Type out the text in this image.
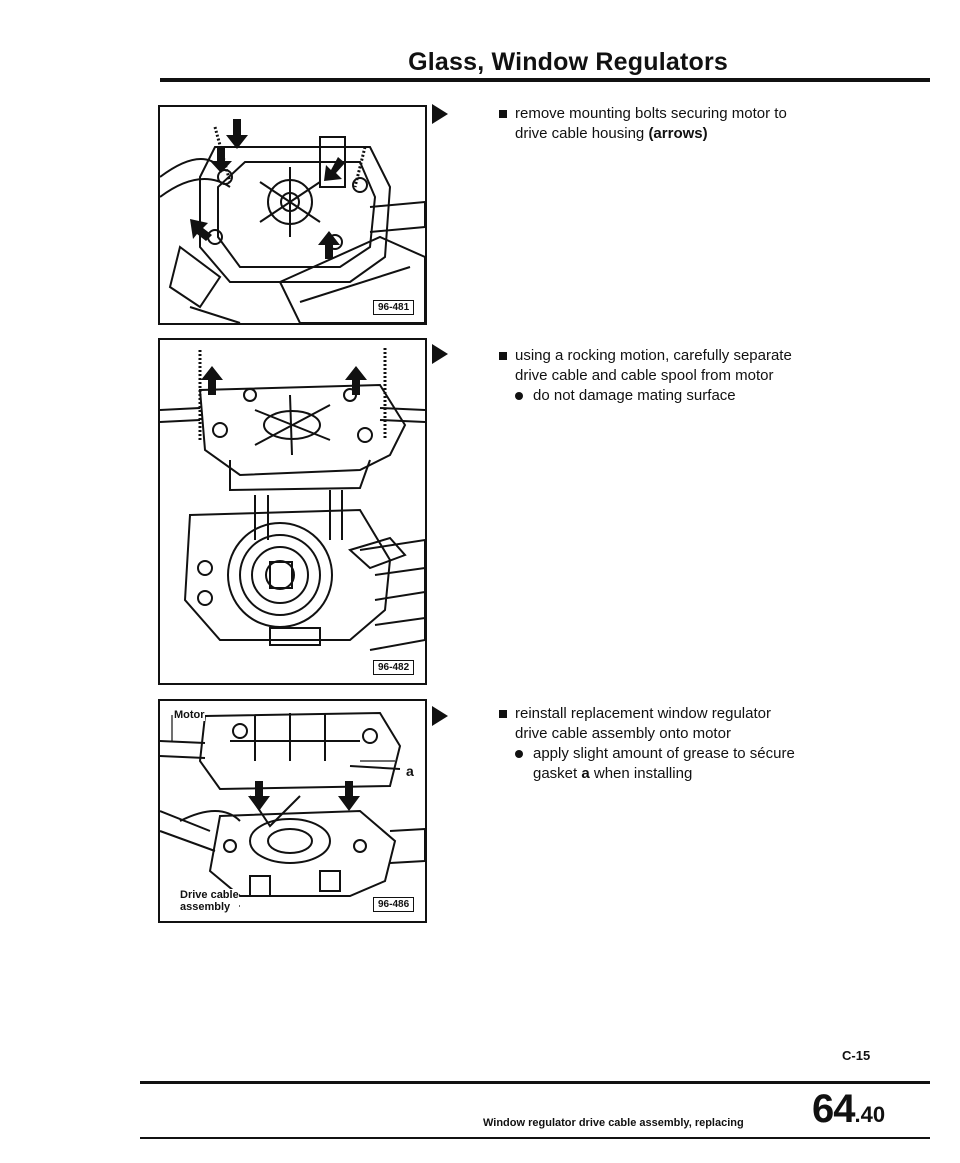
Glass, Window Regulators
96-481
96-482
Motor
a
Drive cable
assembly	96-486
remove mounting bolts securing motor to
drive cable housing (arrows)
using a rocking motion, carefully separate
drive cable and cable spool from motor
do not damage mating surface
reinstall replacement window regulator
drive cable assembly onto motor
apply slight amount of grease to sécure
gasket a when installing
C-15
Window regulator drive cable assembly, replacing 64.40
